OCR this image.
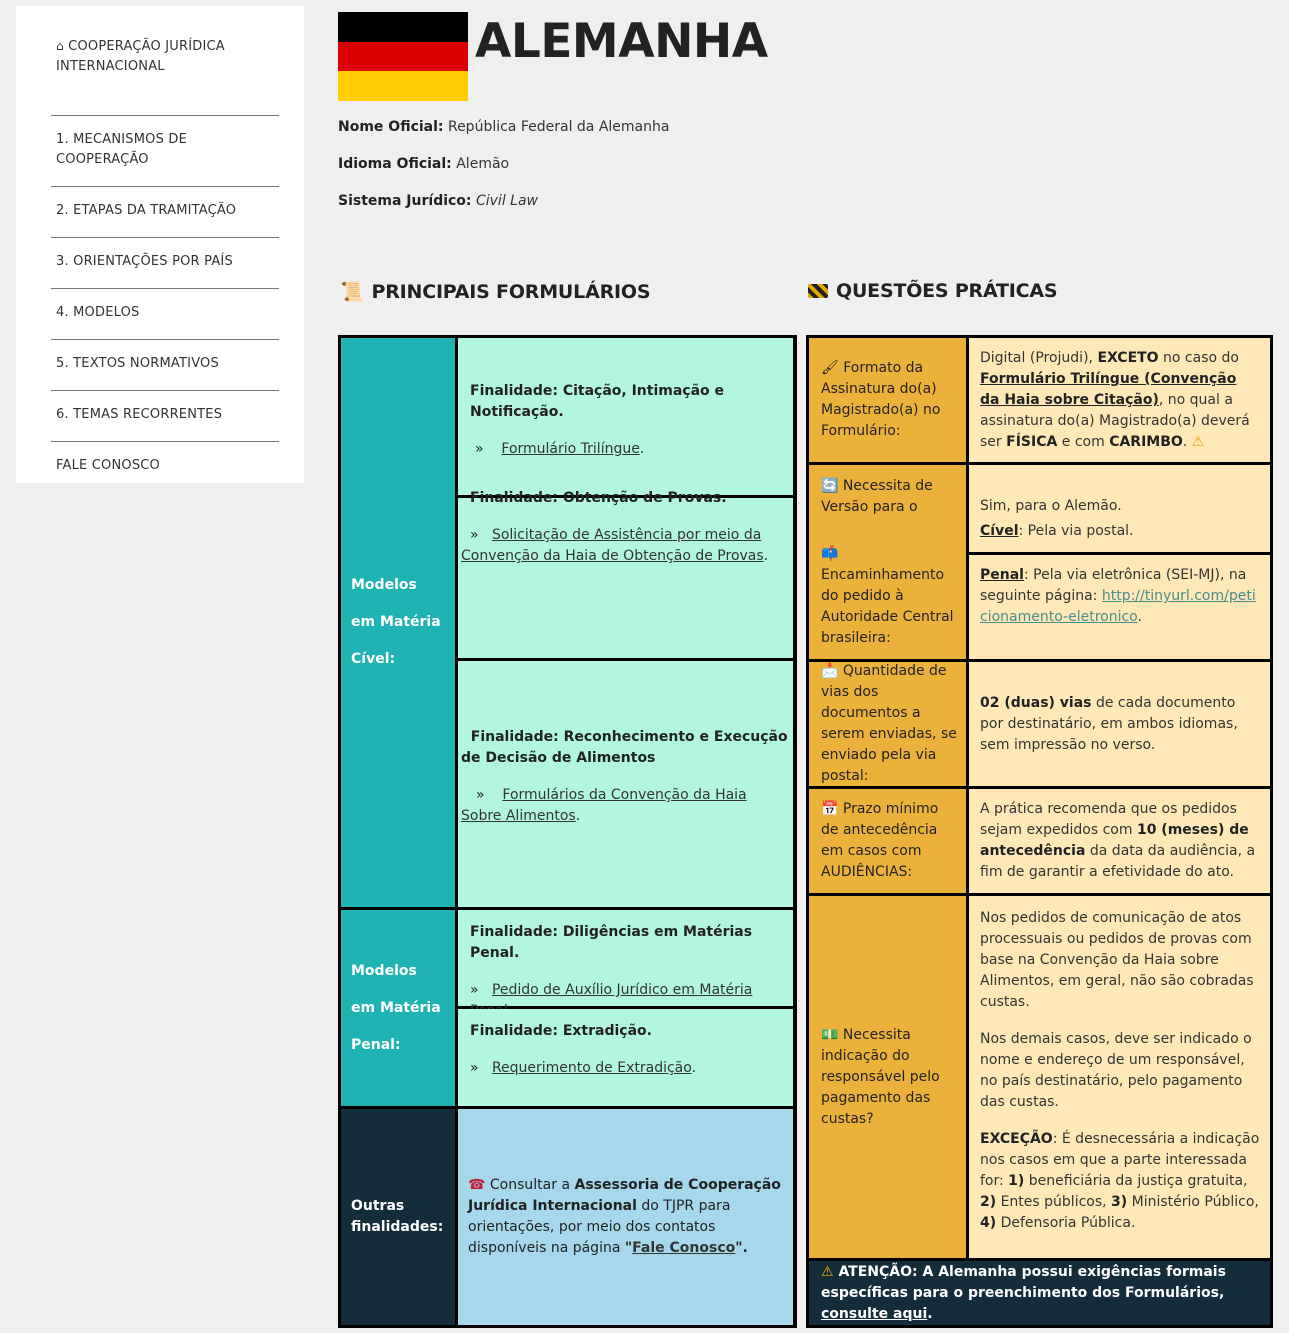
⌂ COOPERAÇÃO JURÍDICA INTERNACIONAL
1. MECANISMOS DE COOPERAÇÃO
2. ETAPAS DA TRAMITAÇÃO
3. ORIENTAÇÕES POR PAÍS
4. MODELOS
5. TEXTOS NORMATIVOS
6. TEMAS RECORRENTES
FALE CONOSCO
ALEMANHA

Nome Oficial: República Federal da Alemanha

Idioma Oficial: Alemão

Sistema Jurídico: Civil Law

📜 PRINCIPAIS FORMULÁRIOS	QUESTÕES PRÁTICAS
Modelos em Matéria Cível:
Modelos em Matéria Penal:
Outras finalidades:
Finalidade: Citação, Intimação e Notificação.
» Formulário Trilíngue.
Finalidade: Obtenção de Provas.
» Solicitação de Assistência por meio da Convenção da Haia de Obtenção de Provas.
Finalidade: Reconhecimento e Execução de Decisão de Alimentos
» Formulários da Convenção da Haia Sobre Alimentos.
Finalidade: Diligências em Matérias Penal.
» Pedido de Auxílio Jurídico em Matéria
Finalidade: Extradição.
» Requerimento de Extradição.
☎ Consultar a Assessoria de Cooperação Jurídica Internacional do TJPR para orientações, por meio dos contatos disponíveis na página "Fale Conosco".
🖌 Formato da Assinatura do(a) Magistrado(a) no Formulário:
Digital (Projudi), EXCETO no caso do Formulário Trilíngue (Convenção da Haia sobre Citação), no qual a assinatura do(a) Magistrado(a) deverá ser FÍSICA e com CARIMBO. ⚠
🔄 Necessita de Versão para o
📫 Encaminhamento do pedido à Autoridade Central brasileira:
Sim, para o Alemão.
Cível: Pela via postal.
Penal: Pela via eletrônica (SEI-MJ), na seguinte página: http://tinyurl.com/peticionamento-eletronico.
📩 Quantidade de vias dos documentos a serem enviadas, se enviado pela via postal:
02 (duas) vias de cada documento por destinatário, em ambos idiomas, sem impressão no verso.
📅 Prazo mínimo de antecedência em casos com AUDIÊNCIAS:
A prática recomenda que os pedidos sejam expedidos com 10 (meses) de antecedência da data da audiência, a fim de garantir a efetividade do ato.
💵 Necessita indicação do responsável pelo pagamento das custas?

Nos pedidos de comunicação de atos processuais ou pedidos de provas com base na Convenção da Haia sobre Alimentos, em geral, não são cobradas custas.

Nos demais casos, deve ser indicado o nome e endereço de um responsável, no país destinatário, pelo pagamento das custas.

EXCEÇÃO: É desnecessária a indicação nos casos em que a parte interessada for: 1) beneficiária da justiça gratuita, 2) Entes públicos, 3) Ministério Público, 4) Defensoria Pública.

⚠ ATENÇÃO: A Alemanha possui exigências formais específicas para o preenchimento dos Formulários, consulte aqui.
